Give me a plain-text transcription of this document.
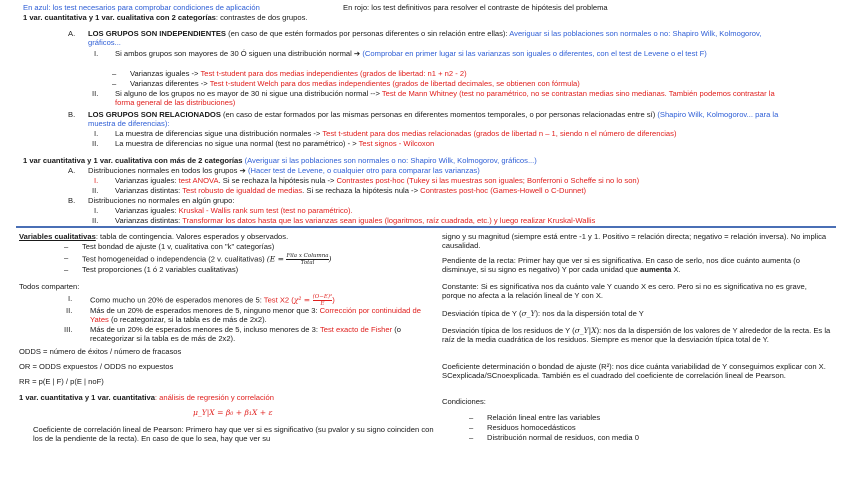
En azul: los test necesarios para comprobar condiciones de aplicación	En rojo: los test definitivos para resolver el contraste de hipótesis del problema
1 var. cuantitativa y 1 var. cualitativa con 2 categorías: contrastes de dos grupos.
A. LOS GRUPOS SON INDEPENDIENTES (en caso de que estén formados por personas diferentes o sin relación entre ellas): Averiguar si las poblaciones son normales o no: Shapiro Wilk, Kolmogorov, gráficos...
I. Si ambos grupos son mayores de 30 Ó siguen una distribución normal ➔ (Comprobar en primer lugar si las varianzas son iguales o diferentes, con el test de Levene o el test F)
– Varianzas iguales -> Test t-student para dos medias independientes (grados de libertad: n1 + n2 - 2)
– Varianzas diferentes -> Test t-student Welch para dos medias independientes (grados de libertad decimales, se obtienen con fórmula)
II. Si alguno de los grupos no es mayor de 30 ni sigue una distribución normal --> Test de Mann Whitney (test no paramétrico, no se contrastan medias sino medianas. También podemos contrastar la forma general de las distribuciones)
B. LOS GRUPOS SON RELACIONADOS (en caso de estar formados por las mismas personas en diferentes momentos temporales, o por personas relacionadas entre sí) (Shapiro Wilk, Kolmogorov... para la muestra de diferencias):
I. La muestra de diferencias sigue una distribución normales -> Test t-student para dos medias relacionadas (grados de libertad n – 1, siendo n el número de diferencias)
II. La muestra de diferencias no sigue una normal (test no paramétrico) - > Test signos - Wilcoxon
1 var cuantitativa y 1 var. cualitativa con más de 2 categorías (Averiguar si las poblaciones son normales o no: Shapiro Wilk, Kolmogorov, gráficos...)
A. Distribuciones normales en todos los grupos ➔ (Hacer test de Levene, o cualquier otro para comparar las varianzas)
I. Varianzas iguales: test ANOVA. Si se rechaza la hipótesis nula -> Contrastes post-hoc (Tukey si las muestras son iguales; Bonferroni o Scheffe si no lo son)
II. Varianzas distintas: Test robusto de igualdad de medias. Si se rechaza la hipótesis nula -> Contrastes post-hoc (Games-Howell o C-Dunnet)
B. Distribuciones no normales en algún grupo:
I. Varianzas iguales: Kruskal - Wallis rank sum test (test no paramétrico).
II. Varianzas distintas: Transformar los datos hasta que las varianzas sean iguales (logaritmos, raíz cuadrada, etc.) y luego realizar Kruskal-Wallis
Variables cualitativas: tabla de contingencia. Valores esperados y observados.
– Test bondad de ajuste (1 v, cualitativa con "k" categorías)
– Test homogeneidad o independencia (2 v. cualitativas) (E = Fila x Columna
Total	)
– Test proporciones (1 ó 2 variables cualitativas)
Todos comparten:
I. Como mucho un 20% de esperados menores de 5: Test X2 ($\chi^2 = \frac{\text{(O−E)²}}{E}$ )
II. Más de un 20% de esperados menores de 5, ninguno menor que 3: Corrección por continuidad de Yates (o recategorizar, si la tabla es de más de 2x2).
III. Más de un 20% de esperados menores de 5, incluso menores de 3: Test exacto de Fisher (o recategorizar si la tabla es de más de 2x2).
ODDS = número de éxitos / número de fracasos
OR = ODDS expuestos / ODDS no expuestos
RR = p(E | F) / p(E | noF)
1 var. cuantitativa y 1 var. cuantitativa: análisis de regresión y correlación
μ_Y|X = β₀ + β₁X + ε
Coeficiente de correlación lineal de Pearson: Primero hay que ver si es significativo (su pvalor y su signo coinciden con los de la pendiente de la recta). En caso de que lo sea, hay que ver su
signo y su magnitud (siempre está entre -1 y 1. Positivo = relación directa; negativo = relación inversa). No implica causalidad.
Pendiente de la recta: Primer hay que ver si es significativa. En caso de serlo, nos dice cuánto aumenta (o disminuye, si su signo es negativo) Y por cada unidad que aumenta X.
Constante: Si es significativa nos da cuánto vale Y cuando X es cero. Pero si no es significativa no es grave, porque no afecta a la relación lineal de Y con X.
Desviación típica de Y (σ_Y): nos da la dispersión total de Y
Desviación típica de los residuos de Y (σ_Y|X): nos da la dispersión de los valores de Y alrededor de la recta. Es la raíz de la media cuadrática de los residuos. Siempre es menor que la desviación típica total de Y.
Coeficiente determinación o bondad de ajuste (R²): nos dice cuánta variabilidad de Y conseguimos explicar con X. SCexplicada/SCnoexplicada. También es el cuadrado del coeficiente de correlación lineal de Pearson.
Condiciones:
– Relación lineal entre las variables
– Residuos homocedásticos
– Distribución normal de residuos, con media 0
